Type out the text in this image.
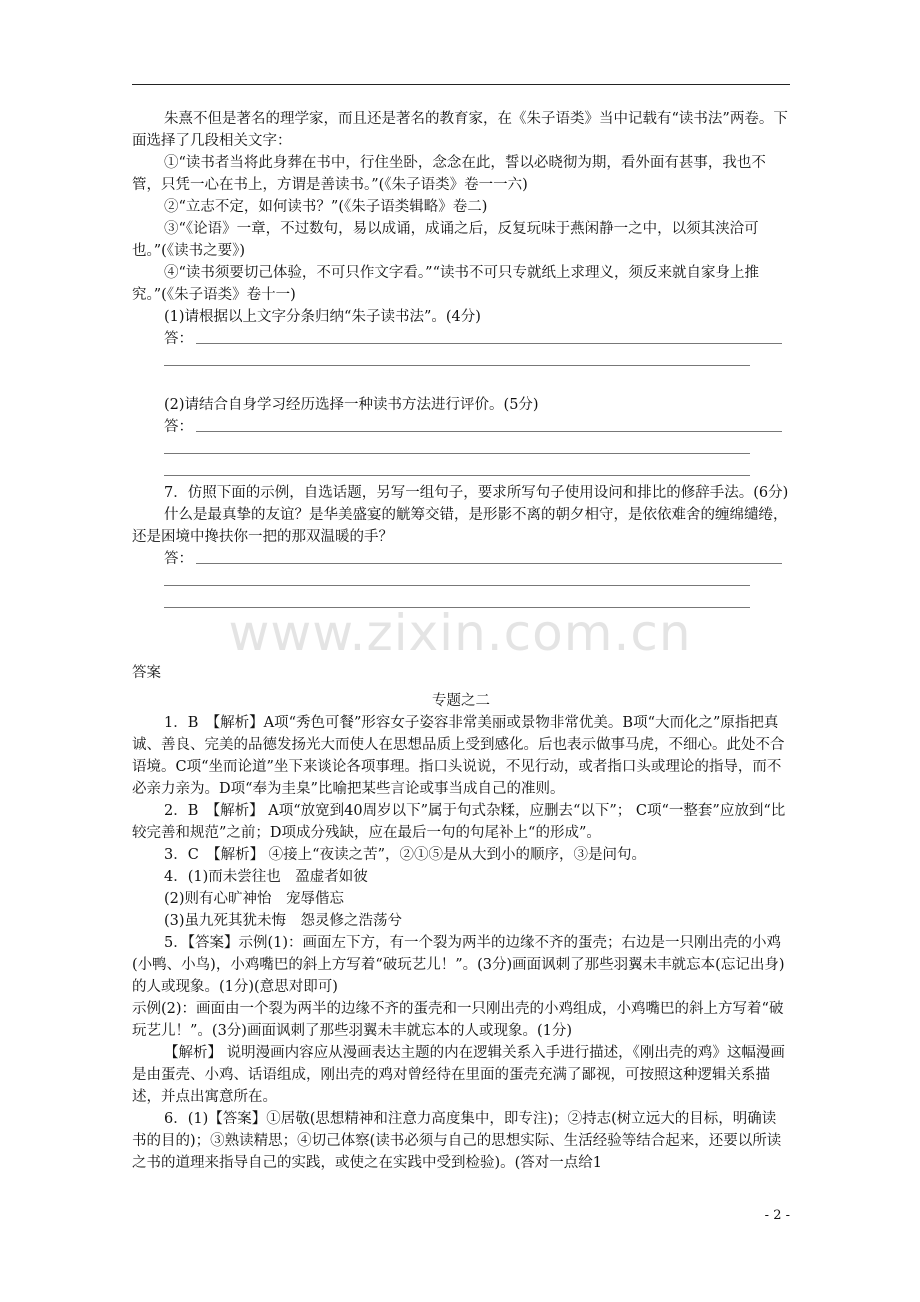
朱熹不但是著名的理学家，而且还是著名的教育家，在《朱子语类》当中记载有“读书法”两卷。下面选择了几段相关文字：

①“读书者当将此身葬在书中，行住坐卧，念念在此，誓以必晓彻为期，看外面有甚事，我也不管，只凭一心在书上，方谓是善读书。”(《朱子语类》卷一一六)

②“立志不定，如何读书？”(《朱子语类辑略》卷二)

③“《论语》一章，不过数句，易以成诵，成诵之后，反复玩味于燕闲静一之中，以须其浃洽可也。”(《读书之要》)

④“读书须要切己体验，不可只作文字看。”“读书不可只专就纸上求理义，须反来就自家身上推究。”(《朱子语类》卷十一)

(1)请根据以上文字分条归纳“朱子读书法”。(4分)

答：

(2)请结合自身学习经历选择一种读书方法进行评价。(5分)

答：

7．仿照下面的示例，自选话题，另写一组句子，要求所写句子使用设问和排比的修辞手法。(6分)

什么是最真挚的友谊？是华美盛宴的觥筹交错，是形影不离的朝夕相守，是依依难舍的缠绵缱绻，还是困境中搀扶你一把的那双温暖的手？

答：
www.zixin.com.cn

答案

专题之二

1．B　【解析】A项“秀色可餐”形容女子姿容非常美丽或景物非常优美。B项“大而化之”原指把真诚、善良、完美的品德发扬光大而使人在思想品质上受到感化。后也表示做事马虎，不细心。此处不合语境。C项“坐而论道”坐下来谈论各项事理。指口头说说，不见行动，或者指口头或理论的指导，而不必亲力亲为。D项“奉为圭臬”比喻把某些言论或事当成自己的准则。

2．B　【解析】 A项“放宽到40周岁以下”属于句式杂糅，应删去“以下”； C项“一整套”应放到“比较完善和规范”之前；D项成分残缺，应在最后一句的句尾补上“的形成”。

3．C　【解析】 ④接上“夜读之苦”，②①⑤是从大到小的顺序，③是问句。

4．(1)而未尝往也　盈虚者如彼

(2)则有心旷神怡　宠辱偕忘

(3)虽九死其犹未悔　怨灵修之浩荡兮

5．【答案】示例(1)：画面左下方，有一个裂为两半的边缘不齐的蛋壳；右边是一只刚出壳的小鸡(小鸭、小鸟)，小鸡嘴巴的斜上方写着“破玩艺儿！”。(3分)画面讽刺了那些羽翼未丰就忘本(忘记出身)的人或现象。(1分)(意思对即可)

示例(2)：画面由一个裂为两半的边缘不齐的蛋壳和一只刚出壳的小鸡组成，小鸡嘴巴的斜上方写着“破玩艺儿！”。(3分)画面讽刺了那些羽翼未丰就忘本的人或现象。(1分)

【解析】 说明漫画内容应从漫画表达主题的内在逻辑关系入手进行描述，《刚出壳的鸡》这幅漫画是由蛋壳、小鸡、话语组成，刚出壳的鸡对曾经待在里面的蛋壳充满了鄙视，可按照这种逻辑关系描述，并点出寓意所在。

6．(1)【答案】①居敬(思想精神和注意力高度集中，即专注)；②持志(树立远大的目标，明确读书的目的)；③熟读精思；④切己体察(读书必须与自己的思想实际、生活经验等结合起来，还要以所读之书的道理来指导自己的实践，或使之在实践中受到检验)。(答对一点给1

- 2 -
